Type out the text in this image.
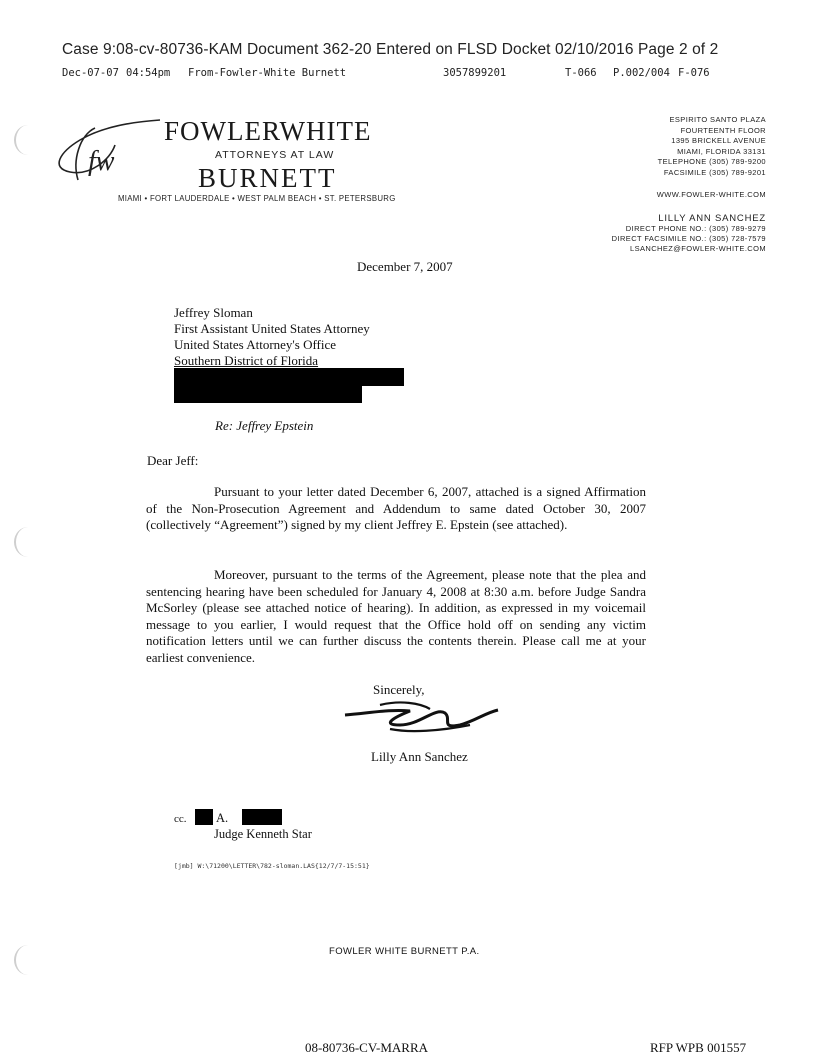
Case 9:08-cv-80736-KAM Document 362-20 Entered on FLSD Docket 02/10/2016 Page 2 of 2
Dec-07-07 04:54pm From-Fowler-White Burnett	3057899201	T-066 P.002/004 F-076
fw
FOWLERWHITE
ATTORNEYS AT LAW
BURNETT
MIAMI • FORT LAUDERDALE • WEST PALM BEACH • ST. PETERSBURG
ESPIRITO SANTO PLAZA
FOURTEENTH FLOOR
1395 BRICKELL AVENUE
MIAMI, FLORIDA 33131
TELEPHONE (305) 789-9200
FACSIMILE (305) 789-9201
WWW.FOWLER-WHITE.COM
LILLY ANN SANCHEZ
DIRECT PHONE NO.: (305) 789-9279
DIRECT FACSIMILE NO.: (305) 728-7579
LSANCHEZ@FOWLER-WHITE.COM
December 7, 2007
Jeffrey Sloman
First Assistant United States Attorney
United States Attorney's Office
Southern District of Florida
Re: Jeffrey Epstein
Dear Jeff:
Pursuant to your letter dated December 6, 2007, attached is a signed Affirmation of the Non-Prosecution Agreement and Addendum to same dated October 30, 2007 (collectively “Agreement”) signed by my client Jeffrey E. Epstein (see attached).
Moreover, pursuant to the terms of the Agreement, please note that the plea and sentencing hearing have been scheduled for January 4, 2008 at 8:30 a.m. before Judge Sandra McSorley (please see attached notice of hearing). In addition, as expressed in my voicemail message to you earlier, I would request that the Office hold off on sending any victim notification letters until we can further discuss the contents therein. Please call me at your earliest convenience.
Sincerely,
Lilly Ann Sanchez
cc. A.
Judge Kenneth Star
[jmb] W:\71200\LETTER\782-sloman.LAS{12/7/7-15:51}
FOWLER WHITE BURNETT P.A.
08-80736-CV-MARRA	RFP WPB 001557
